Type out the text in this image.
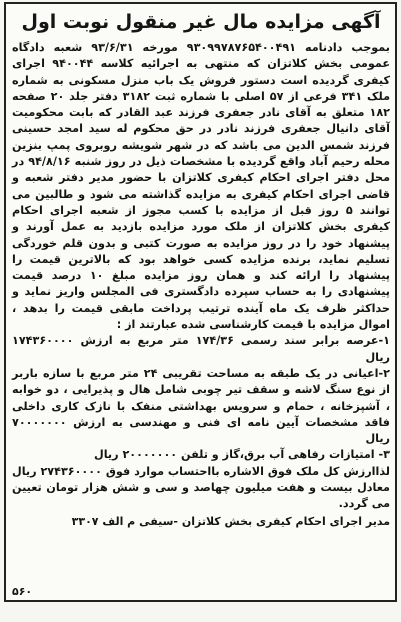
آگهی مزایده مال غیر منقول نوبت اول

بموجب دادنامه ۹۳۰۹۹۷۸۷۶۵۴۰۰۴۹۱ مورخه ۹۳/۶/۳۱ شعبه دادگاه عمومی بخش کلاتزان که منتهی به اجرائیه کلاسه ۹۴۰۰۴۴ اجرای کیفری گردیده است دستور فروش یک باب منزل مسکونی به شماره ملک ۳۴۱ فرعی از ۵۷ اصلی با شماره ثبت ۳۱۸۲ دفتر جلد ۲۰ صفحه ۱۸۲ متعلق به آقای نادر جعفری فرزند عبد القادر که بابت محکومیت آقای دانیال جعفری فرزند نادر در حق محکوم له سید امجد حسینی فرزند شمس الدین می باشد که در شهر شویشه روبروی پمپ بنزین محله رحیم آباد واقع گردیده با مشخصات ذیل در روز شنبه ۹۴/۸/۱۶ در محل دفتر اجرای احکام کیفری کلاتزان با حضور مدیر دفتر شعبه و قاضی اجرای احکام کیفری به مزایده گذاشته می شود و طالبین می توانند ۵ روز قبل از مزایده با کسب مجوز از شعبه اجرای احکام کیفری بخش کلاتزان از ملک مورد مزایده بازدید به عمل آورند و پیشنهاد خود را در روز مزایده به صورت کتبی و بدون قلم خوردگی تسلیم نماید، برنده مزایده کسی خواهد بود که بالاترین قیمت را پیشنهاد را ارائه کند و همان روز مزایده مبلغ ۱۰ درصد قیمت پیشنهادی را به حساب سپرده دادگستری فی المجلس واریز نماید و حداکثر ظرف یک ماه آینده ترتیب پرداخت مابقی قیمت را بدهد ، اموال مزایده با قیمت کارشناسی شده عبارتند از :

۱-عرصه برابر سند رسمی ۱۷۴/۳۶ متر مربع به ارزش ۱۷۴۳۶۰۰۰۰ ریال

۲-اعیانی در یک طبقه به مساحت تقریبی ۲۴ متر مربع با سازه باربر از نوع سنگ لاشه و سقف تیر چوبی شامل هال و پذیرایی ، دو خوابه ، آشپزخانه ، حمام و سرویس بهداشتی منفک با نازک کاری داخلی فاقد مشخصات آیین نامه ای فنی و مهندسی به ارزش ۷۰۰۰۰۰۰۰ ریال

۳- امتیازات رفاهی آب برق،گاز و تلفن ۲۰۰۰۰۰۰۰ ریال

لذاارزش کل ملک فوق الاشاره بااحتساب موارد فوق ۲۷۴۳۶۰۰۰۰ ریال معادل بیست و هفت میلیون چهاصد و سی و شش هزار تومان تعیین می گردد.

مدیر اجرای احکام کیفری بخش کلاتزان -سیفی م الف ۳۳۰۷
۵۶۰
